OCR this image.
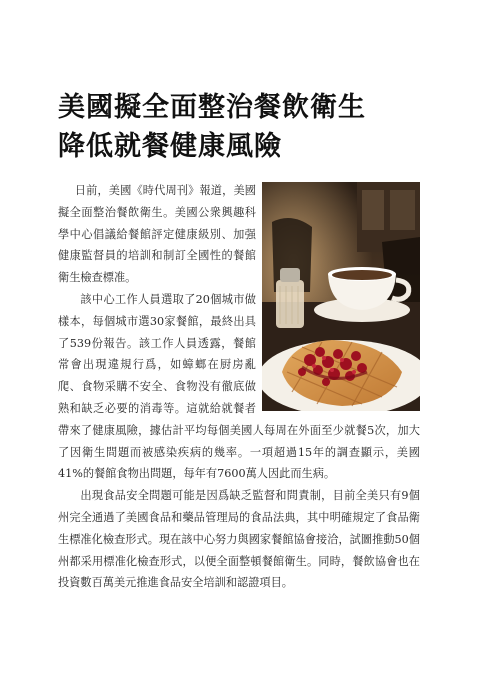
美國擬全面整治餐飲衛生
降低就餐健康風險

日前，美國《時代周刊》報道，美國擬全面整治餐飲衛生。美國公衆興趣科學中心倡議給餐館評定健康級別、加强健康監督員的培訓和制訂全國性的餐館衛生檢查標准。

該中心工作人員選取了20個城市做樣本，每個城市選30家餐館，最終出具了539份報告。該工作人員透露，餐館常會出現違規行爲，如蟑螂在厨房亂爬、食物采購不安全、食物没有徹底做熟和缺乏必要的消毒等。這就給就餐者帶來了健康風險，據估計平均每個美國人每周在外面至少就餐5次，加大了因衛生問題而被感染疾病的幾率。一項超過15年的調查顯示，美國41%的餐館食物出問題，每年有7600萬人因此而生病。

出現食品安全問題可能是因爲缺乏監督和問責制，目前全美只有9個州完全通過了美國食品和藥品管理局的食品法典，其中明確規定了食品衛生標准化檢查形式。現在該中心努力與國家餐館協會接洽，試圖推動50個州都采用標准化檢查形式，以便全面整頓餐館衛生。同時，餐飲協會也在投資數百萬美元推進食品安全培訓和認證項目。
